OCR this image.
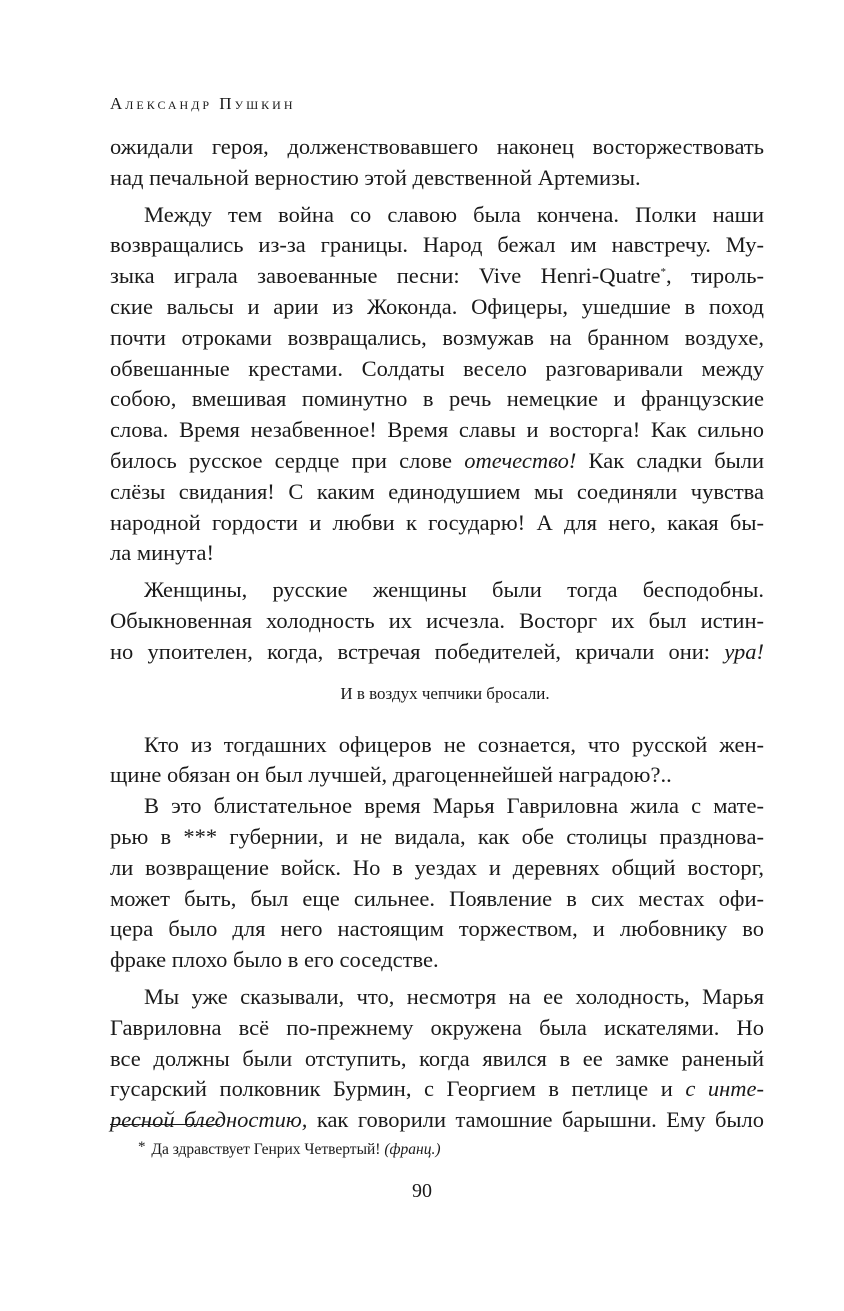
Александр Пушкин
ожидали героя, долженствовавшего наконец восторжествовать
над печальной верностию этой девственной Артемизы.
Между тем война со славою была кончена. Полки наши
возвращались из-за границы. Народ бежал им навстречу. Му-
зыка играла завоеванные песни: Vive Henri-Quatre*, тироль-
ские вальсы и арии из Жоконда. Офицеры, ушедшие в поход
почти отроками возвращались, возмужав на бранном воздухе,
обвешанные крестами. Солдаты весело разговаривали между
собою, вмешивая поминутно в речь немецкие и французские
слова. Время незабвенное! Время славы и восторга! Как сильно
билось русское сердце при слове отечество! Как сладки были
слёзы свидания! С каким единодушием мы соединяли чувства
народной гордости и любви к государю! А для него, какая бы-
ла минута!
Женщины, русские женщины были тогда бесподобны.
Обыкновенная холодность их исчезла. Восторг их был истин-
но упоителен, когда, встречая победителей, кричали они: ура!
И в воздух чепчики бросали.
Кто из тогдашних офицеров не сознается, что русской жен-
щине обязан он был лучшей, драгоценнейшей наградою?..
В это блистательное время Марья Гавриловна жила с мате-
рью в *** губернии, и не видала, как обе столицы праздновa-
ли возвращение войск. Но в уездах и деревнях общий восторг,
может быть, был еще сильнее. Появление в сих местах офи-
цера было для него настоящим торжеством, и любовнику во
фраке плохо было в его соседстве.
Мы уже сказывали, что, несмотря на ее холодность, Марья
Гавриловна всё по-прежнему окружена была искателями. Но
все должны были отступить, когда явился в ее замке раненый
гусарский полковник Бурмин, с Георгием в петлице и с инте-
ресной бледностию, как говорили тамошние барышни. Ему было
* Да здравствует Генрих Четвертый! (франц.)
90
